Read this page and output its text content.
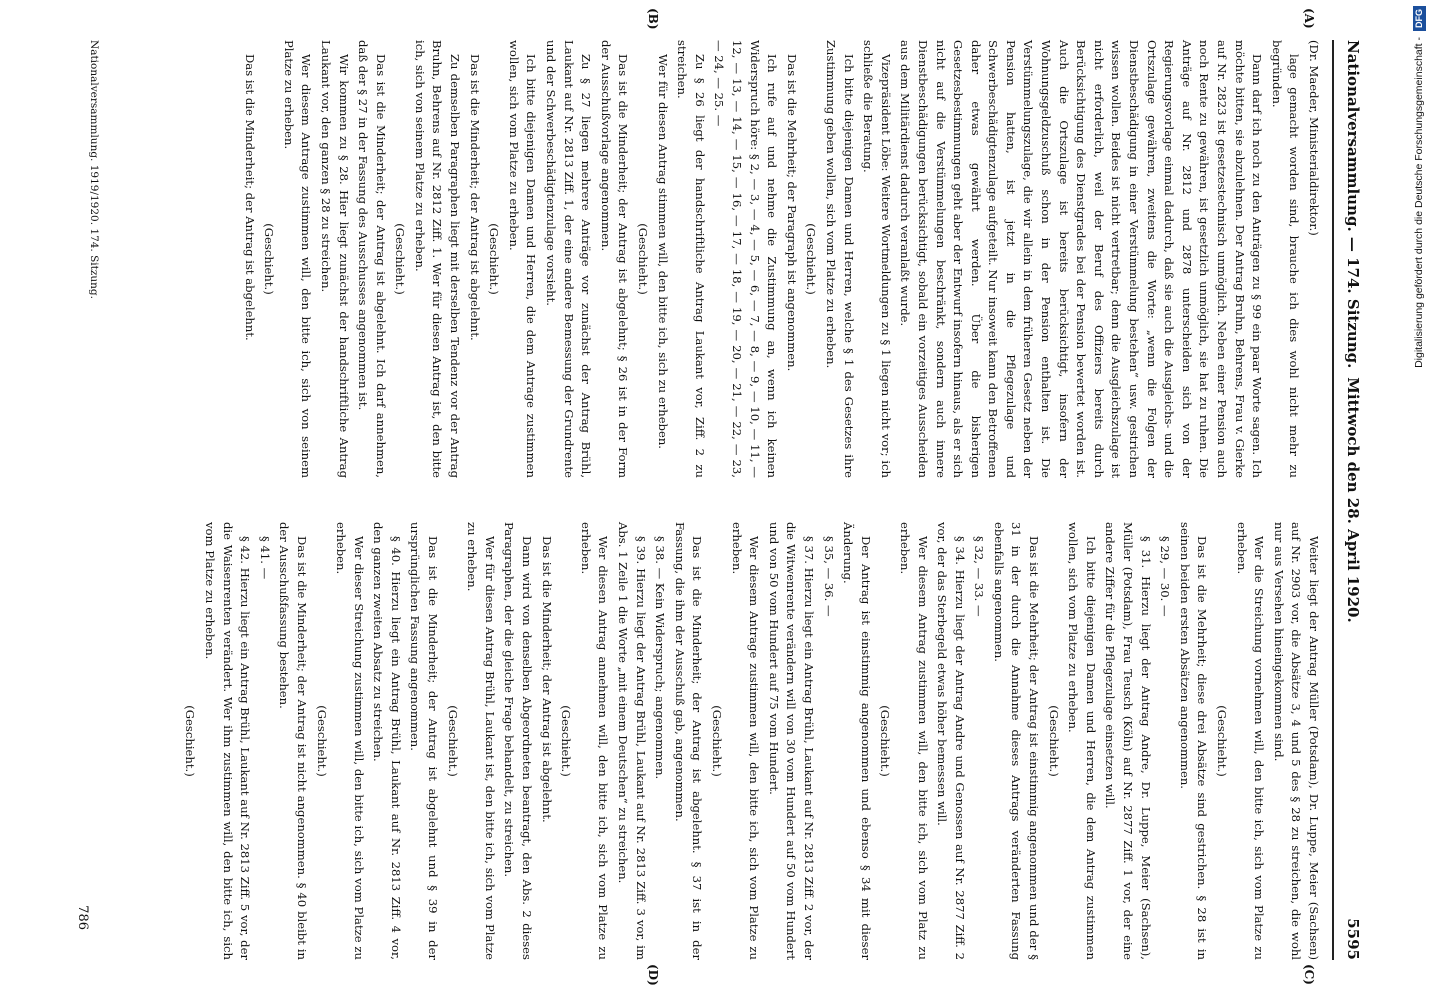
Nationalversammlung. — 174. Sitzung.
Mittwoch den 28. April 1920.
5595
(A)
(B)
(C)
(D)

(Dr. Maeder, Ministerialdirektor.)

lage gemacht worden sind, brauche ich dies wohl nicht mehr zu begründen.

Dann darf ich noch zu den Anträgen zu § 99 ein paar Worte sagen. Ich möchte bitten, sie abzulehnen. Der Antrag Bruhn, Behrens, Frau v. Gierke auf Nr. 2823 ist gesetzestechnisch unmöglich. Neben einer Pension auch noch Rente zu gewähren, ist gesetzlich unmöglich, sie hat zu ruhen. Die Anträge auf Nr. 2812 und 2878 unterscheiden sich von der Regierungsvorlage einmal dadurch, daß sie auch die Ausgleichs- und die Ortszulage gewähren, zweitens die Worte: „wenn die Folgen der Dienstbeschädigung in einer Verstümmelung bestehen“ usw. gestrichen wissen wollen. Beides ist nicht vertretbar; denn die Ausgleichszulage ist nicht erforderlich, weil der Beruf des Offiziers bereits durch Berücksichtigung des Dienstgrades bei der Pension bewertet worden ist. Auch die Ortszulage ist bereits berücksichtigt, insofern der Wohnungsgeldzuschuß schon in der Pension enthalten ist. Die Verstümmelungszulage, die wir allein in dem früheren Gesetz neben der Pension hatten, ist jetzt in die Pflegezulage und Schwerbeschädigtenzulage aufgeteilt. Nur insoweit kann den Betroffenen daher etwas gewährt werden. Über die bisherigen Gesetzesbestimmungen geht aber der Entwurf insofern hinaus, als er sich nicht auf die Verstümmelungen beschränkt, sondern auch innere Dienstbeschädigungen berücksichtigt, sobald ein vorzeitiges Ausscheiden aus dem Militärdienst dadurch veranlaßt wurde.

Vizepräsident Löbe: Weitere Wortmeldungen zu § 1 liegen nicht vor; ich schließe die Beratung.

Ich bitte diejenigen Damen und Herren, welche § 1 des Gesetzes ihre Zustimmung geben wollen, sich vom Platze zu erheben.

(Geschieht.)

Das ist die Mehrheit; der Paragraph ist angenommen.

Ich rufe auf und nehme die Zustimmung an, wenn ich keinen Widerspruch höre: § 2, — 3, — 4, — 5, — 6, — 7, — 8, — 9, — 10, — 11, — 12, — 13, — 14, — 15, — 16, — 17, — 18, — 19, — 20, — 21, — 22, — 23, — 24, — 25. —

Zu § 26 liegt der handschriftliche Antrag Laukant vor, Ziff. 2 zu streichen.

Wer für diesen Antrag stimmen will, den bitte ich, sich zu erheben.

(Geschieht.)

Das ist die Minderheit; der Antrag ist abgelehnt; § 26 ist in der Form der Ausschußvorlage angenommen.

Zu § 27 liegen mehrere Anträge vor zunächst der Antrag Brühl, Laukant auf Nr. 2813 Ziff. 1, der eine andere Bemessung der Grundrente und der Schwerbeschädigtenzulage vorsieht.

Ich bitte diejenigen Damen und Herren, die dem Antrage zustimmen wollen, sich vom Platze zu erheben.

(Geschieht.)

Das ist die Minderheit; der Antrag ist abgelehnt.

Zu demselben Paragraphen liegt mit derselben Tendenz vor der Antrag Bruhn, Behrens auf Nr. 2812 Ziff. 1. Wer für diesen Antrag ist, den bitte ich, sich von seinem Platze zu erheben.

(Geschieht.)

Das ist die Minderheit; der Antrag ist abgelehnt. Ich darf annehmen, daß der § 27 in der Fassung des Ausschusses angenommen ist.

Wir kommen zu § 28. Hier liegt zunächst der handschriftliche Antrag Laukant vor, den ganzen § 28 zu streichen.

Wer diesem Antrage zustimmen will, den bitte ich, sich von seinem Platze zu erheben.

(Geschieht.)

Das ist die Minderheit; der Antrag ist abgelehnt.

Weiter liegt der Antrag Müller (Potsdam), Dr. Luppe, Meier (Sachsen) auf Nr. 2903 vor, die Absätze 3, 4 und 5 des § 28 zu streichen, die wohl nur aus Versehen hineingekommen sind.

Wer die Streichung vornehmen will, den bitte ich, sich vom Platze zu erheben.

(Geschieht.)

Das ist die Mehrheit; diese drei Absätze sind gestrichen. § 28 ist in seinen beiden ersten Absätzen angenommen.

§ 29, — 30. —

§ 31. Hierzu liegt der Antrag Andre, Dr. Luppe, Meier (Sachsen), Müller (Potsdam), Frau Teusch (Köln) auf Nr. 2877 Ziff. 1 vor, der eine andere Ziffer für die Pflegezulage einsetzen will.

Ich bitte diejenigen Damen und Herren, die dem Antrag zustimmen wollen, sich vom Platze zu erheben.

(Geschieht.)

Das ist die Mehrheit; der Antrag ist einstimmig angenommen und der § 31 in der durch die Annahme dieses Antrags veränderten Fassung ebenfalls angenommen.

§ 32, — 33. —

§ 34. Hierzu liegt der Antrag Andre und Genossen auf Nr. 2877 Ziff. 2 vor, der das Sterbegeld etwas höher bemessen will.

Wer diesem Antrag zustimmen will, den bitte ich, sich vom Platz zu erheben.

(Geschieht.)

Der Antrag ist einstimmig angenommen und ebenso § 34 mit dieser Änderung.

§ 35, — 36. —

§ 37. Hierzu liegt ein Antrag Brühl, Laukant auf Nr. 2813 Ziff. 2 vor, der die Witwenrente verändern will von 30 vom Hundert auf 50 vom Hundert und von 50 vom Hundert auf 75 vom Hundert.

Wer diesem Antrage zustimmen will, den bitte ich, sich vom Platze zu erheben.

(Geschieht.)

Das ist die Minderheit; der Antrag ist abgelehnt. § 37 ist in der Fassung, die ihm der Ausschuß gab, angenommen.

§ 38. — Kein Widerspruch; angenommen.

§ 39. Hierzu liegt der Antrag Brühl, Laukant auf Nr. 2813 Ziff. 3 vor, im Abs. 1 Zeile 1 die Worte „mit einem Deutschen“ zu streichen.

Wer diesen Antrag annehmen will, den bitte ich, sich vom Platze zu erheben.

(Geschieht.)

Das ist die Minderheit; der Antrag ist abgelehnt.

Dann wird von denselben Abgeordneten beantragt, den Abs. 2 dieses Paragraphen, der die gleiche Frage behandelt, zu streichen.

Wer für diesen Antrag Brühl, Laukant ist, den bitte ich, sich vom Platze zu erheben.

(Geschieht.)

Das ist die Minderheit; der Antrag ist abgelehnt und § 39 in der ursprünglichen Fassung angenommen.

§ 40. Hierzu liegt ein Antrag Brühl, Laukant auf Nr. 2813 Ziff. 4 vor, den ganzen zweiten Absatz zu streichen.

Wer dieser Streichung zustimmen will, den bitte ich, sich vom Platze zu erheben.

(Geschieht.)

Das ist die Minderheit; der Antrag ist nicht angenommen. § 40 bleibt in der Ausschußfassung bestehen.

§ 41. —

§ 42. Hierzu liegt ein Antrag Brühl, Laukant auf Nr. 2813 Ziff. 5 vor, der die Waisenrenten verändert. Wer ihm zustimmen will, den bitte ich, sich vom Platze zu erheben.

(Geschieht.)

Nationalversammlung. 1919/1920. 174. Sitzung.
786
Digitalisierung gefördert durch die Deutsche Forschungsgemeinschaft -DFG
